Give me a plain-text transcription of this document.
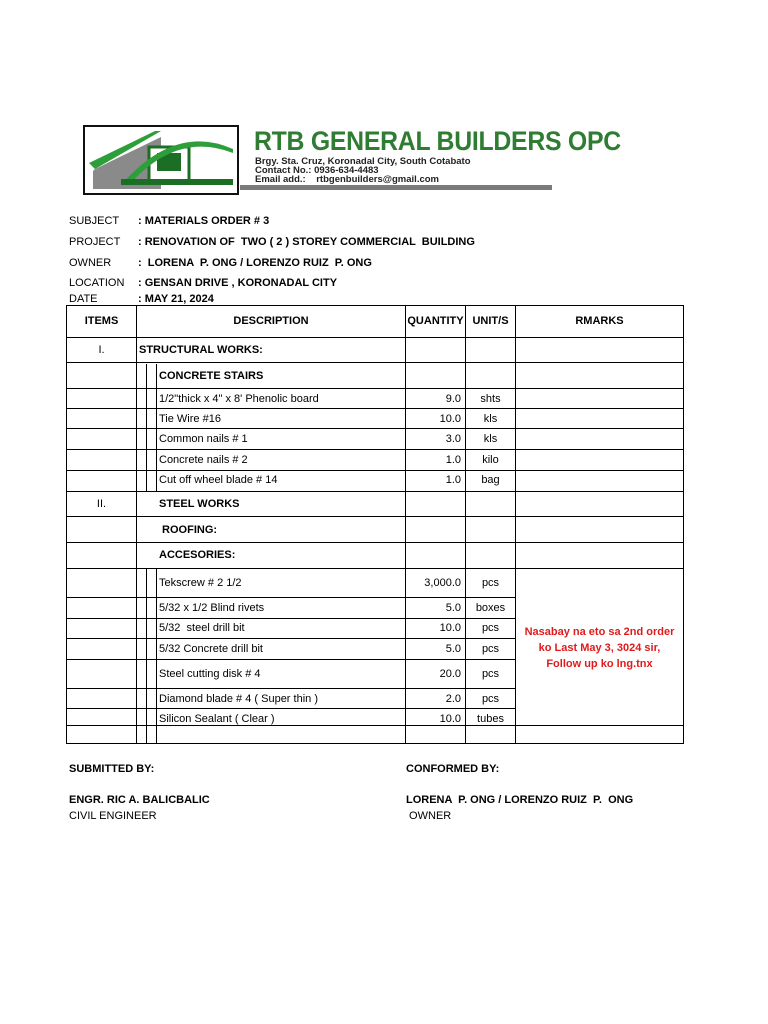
RTB GENERAL BUILDERS OPC
Brgy. Sta. Cruz, Koronadal City, South Cotabato
Contact No.: 0936-634-4483
Email add.:    rtbgenbuilders@gmail.com
SUBJECT : MATERIALS ORDER # 3
PROJECT : RENOVATION OF  TWO ( 2 ) STOREY COMMERCIAL  BUILDING
OWNER :  LORENA  P. ONG / LORENZO RUIZ  P. ONG
LOCATION : GENSAN DRIVE , KORONADAL CITY
DATE	: MAY 21, 2024
ITEMS	DESCRIPTION	QUANTITY UNIT/S	RMARKS
I.	STRUCTURAL WORKS:
CONCRETE STAIRS
1/2"thick x 4" x 8' Phenolic board	9.0	shts
Tie Wire #16	10.0	kls
Common nails # 1	3.0	kls
Concrete nails # 2	1.0	kilo
Cut off wheel blade # 14	1.0	bag
II.	STEEL WORKS
ROOFING:
ACCESORIES:
Tekscrew # 2 1/2	3,000.0	pcs
5/32 x 1/2 Blind rivets	5.0	boxes
5/32  steel drill bit	10.0	pcs
5/32 Concrete drill bit	5.0	pcs
Steel cutting disk # 4	20.0	pcs
Diamond blade # 4 ( Super thin )	2.0	pcs
Silicon Sealant ( Clear )	10.0	tubes
Nasabay na eto sa 2nd order
ko Last May 3, 3024 sir,
Follow up ko lng.tnx
SUBMITTED BY:
ENGR. RIC A. BALICBALIC
CIVIL ENGINEER
CONFORMED BY:
LORENA  P. ONG / LORENZO RUIZ  P.  ONG
OWNER
